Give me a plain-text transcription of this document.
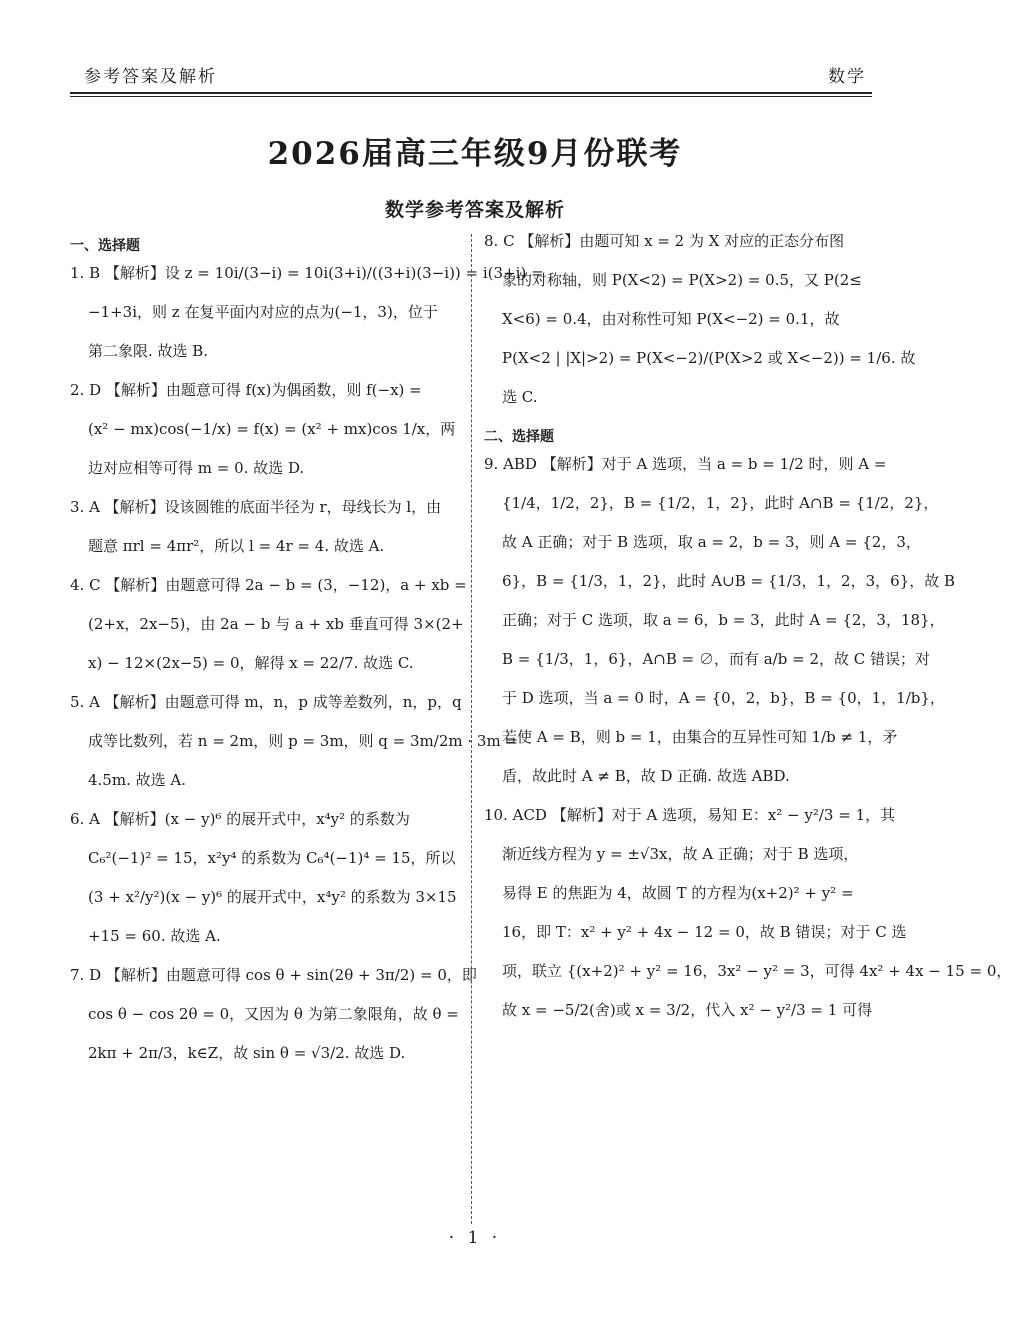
参考答案及解析	数学
2026届高三年级9月份联考
数学参考答案及解析
一、选择题
1. B 【解析】设 z = 10i/(3−i) = 10i(3+i)/((3+i)(3−i)) = i(3+i) =
−1+3i，则 z 在复平面内对应的点为(−1，3)，位于
第二象限. 故选 B.
2. D 【解析】由题意可得 f(x)为偶函数，则 f(−x) =
(x² − mx)cos(−1/x) = f(x) = (x² + mx)cos 1/x，两
边对应相等可得 m = 0. 故选 D.
3. A 【解析】设该圆锥的底面半径为 r，母线长为 l，由
题意 πrl = 4πr²，所以 l = 4r = 4. 故选 A.
4. C 【解析】由题意可得 2a − b = (3，−12)，a + xb =
(2+x，2x−5)，由 2a − b 与 a + xb 垂直可得 3×(2+
x) − 12×(2x−5) = 0，解得 x = 22/7. 故选 C.
5. A 【解析】由题意可得 m，n，p 成等差数列，n，p，q
成等比数列，若 n = 2m，则 p = 3m，则 q = 3m/2m · 3m =
4.5m. 故选 A.
6. A 【解析】(x − y)⁶ 的展开式中，x⁴y² 的系数为
C₆²(−1)² = 15，x²y⁴ 的系数为 C₆⁴(−1)⁴ = 15，所以
(3 + x²/y²)(x − y)⁶ 的展开式中，x⁴y² 的系数为 3×15
+15 = 60. 故选 A.
7. D 【解析】由题意可得 cos θ + sin(2θ + 3π/2) = 0，即
cos θ − cos 2θ = 0，又因为 θ 为第二象限角，故 θ =
2kπ + 2π/3，k∈Z，故 sin θ = √3/2. 故选 D.
8. C 【解析】由题可知 x = 2 为 X 对应的正态分布图
象的对称轴，则 P(X<2) = P(X>2) = 0.5，又 P(2≤
X<6) = 0.4，由对称性可知 P(X<−2) = 0.1，故
P(X<2 | |X|>2) = P(X<−2)/(P(X>2 或 X<−2)) = 1/6. 故
选 C.
二、选择题
9. ABD 【解析】对于 A 选项，当 a = b = 1/2 时，则 A =
{1/4，1/2，2}，B = {1/2，1，2}，此时 A∩B = {1/2，2}，
故 A 正确；对于 B 选项，取 a = 2，b = 3，则 A = {2，3，
6}，B = {1/3，1，2}，此时 A∪B = {1/3，1，2，3，6}，故 B
正确；对于 C 选项，取 a = 6，b = 3，此时 A = {2，3，18}，
B = {1/3，1，6}，A∩B = ∅，而有 a/b = 2，故 C 错误；对
于 D 选项，当 a = 0 时，A = {0，2，b}，B = {0，1，1/b}，
若使 A = B，则 b = 1，由集合的互异性可知 1/b ≠ 1，矛
盾，故此时 A ≠ B，故 D 正确. 故选 ABD.
10. ACD 【解析】对于 A 选项，易知 E：x² − y²/3 = 1，其
渐近线方程为 y = ±√3x，故 A 正确；对于 B 选项，
易得 E 的焦距为 4，故圆 T 的方程为(x+2)² + y² =
16，即 T：x² + y² + 4x − 12 = 0，故 B 错误；对于 C 选
项，联立 {(x+2)² + y² = 16，3x² − y² = 3，可得 4x² + 4x − 15 = 0，
故 x = −5/2(舍)或 x = 3/2，代入 x² − y²/3 = 1 可得
· 1 ·
